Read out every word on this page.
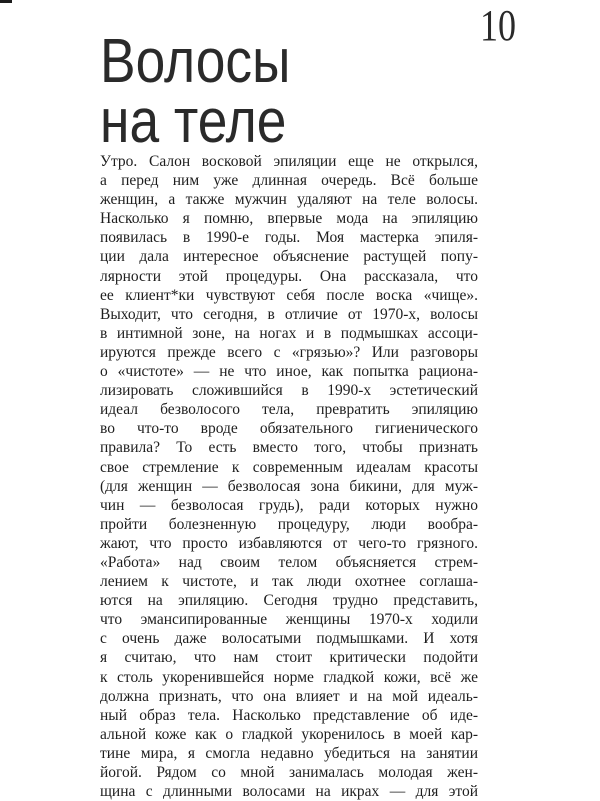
10
Волосы
на теле
Утро. Салон восковой эпиляции еще не открылся,
а перед ним уже длинная очередь. Всё больше
женщин, а также мужчин удаляют на теле волосы.
Насколько я помню, впервые мода на эпиляцию
появилась в 1990-е годы. Моя мастерка эпиля-
ции дала интересное объяснение растущей попу-
лярности этой процедуры. Она рассказала, что
ее клиент*ки чувствуют себя после воска «чище».
Выходит, что сегодня, в отличие от 1970-х, волосы
в интимной зоне, на ногах и в подмышках ассоци-
ируются прежде всего с «грязью»? Или разговоры
о «чистоте» — не что иное, как попытка рациона-
лизировать сложившийся в 1990-х эстетический
идеал безволосого тела, превратить эпиляцию
во что-то вроде обязательного гигиенического
правила? То есть вместо того, чтобы признать
свое стремление к современным идеалам красоты
(для женщин — безволосая зона бикини, для муж-
чин — безволосая грудь), ради которых нужно
пройти болезненную процедуру, люди вообра-
жают, что просто избавляются от чего-то грязного.
«Работа» над своим телом объясняется стрем-
лением к чистоте, и так люди охотнее соглаша-
ются на эпиляцию. Сегодня трудно представить,
что эмансипированные женщины 1970-х ходили
с очень даже волосатыми подмышками. И хотя
я считаю, что нам стоит критически подойти
к столь укоренившейся норме гладкой кожи, всё же
должна признать, что она влияет и на мой идеаль-
ный образ тела. Насколько представление об иде-
альной коже как о гладкой укоренилось в моей кар-
тине мира, я смогла недавно убедиться на занятии
йогой. Рядом со мной занималась молодая жен-
щина с длинными волосами на икрах — для этой
